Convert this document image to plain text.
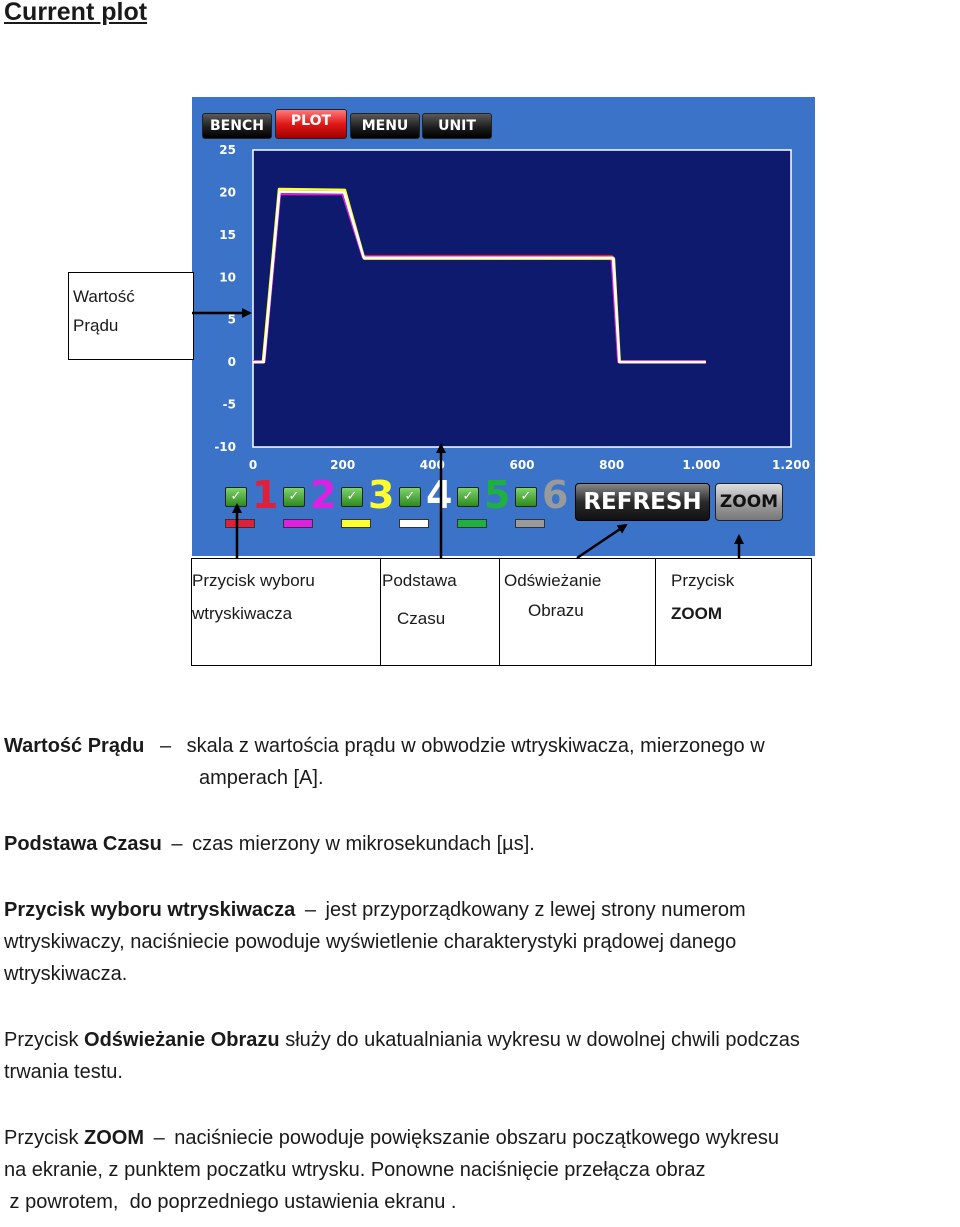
Current plot
BENCH	PLOT	MENU	UNIT
25
20
15
10
5
0
-5
-10
0	200	400	600	800	1.000	1.200
✓ 1 ✓ 2 ✓ 3 ✓ 4 ✓ 5 ✓ 6 REFRESH	ZOOM
Wartość
Prądu
Przycisk wyboru
wtryskiwacza
Podstawa
Czasu
Odświeżanie
Obrazu
Przycisk
ZOOM
Wartość Prądu – skala z wartościa prądu w obwodzie wtryskiwacza, mierzonego w
amperach [A].
Podstawa Czasu – czas mierzony w mikrosekundach [µs].
Przycisk wyboru wtryskiwacza – jest przyporządkowany z lewej strony numerom
wtryskiwaczy, naciśniecie powoduje wyświetlenie charakterystyki prądowej danego
wtryskiwacza.
Przycisk Odświeżanie Obrazu służy do ukatualniania wykresu w dowolnej chwili podczas
trwania testu.
Przycisk ZOOM – naciśniecie powoduje powiększanie obszaru początkowego wykresu
na ekranie, z punktem poczatku wtrysku. Ponowne naciśnięcie przełącza obraz
z powrotem,  do poprzedniego ustawienia ekranu .
